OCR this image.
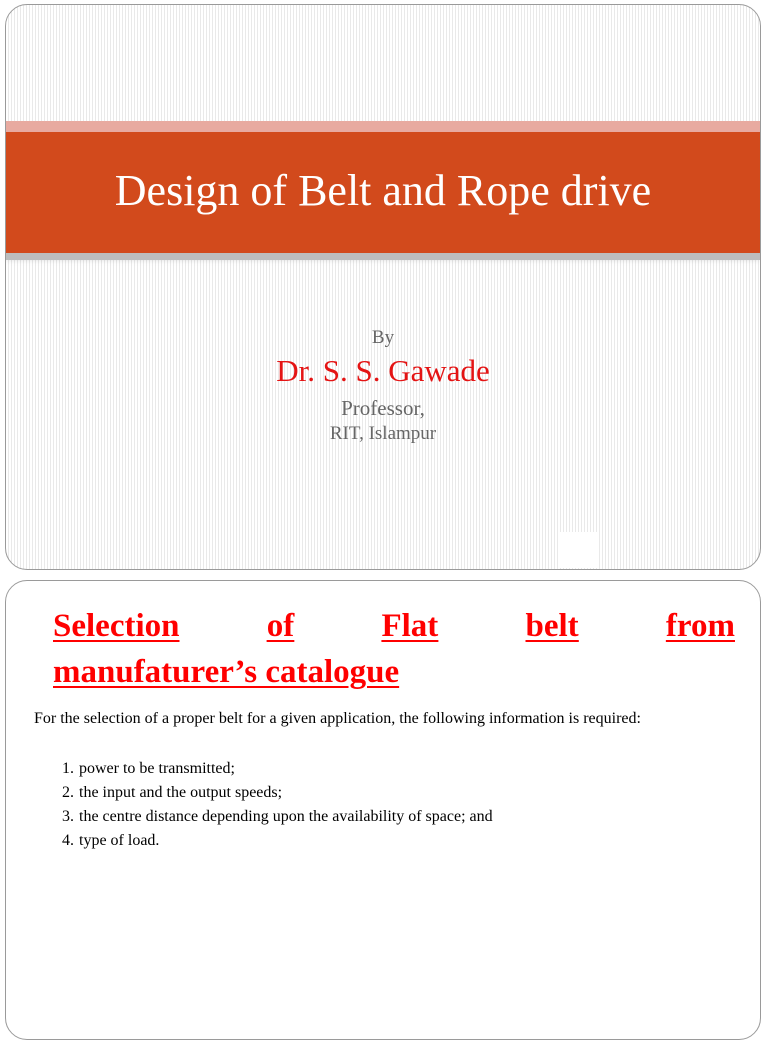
Design of Belt and Rope drive
By
Dr. S. S. Gawade
Professor,
RIT, Islampur
Selection	of	Flat	belt	from
manufaturer’s catalogue
For the selection of a proper belt for a given application, the following information is required:
1. power to be transmitted;
2. the input and the output speeds;
3. the centre distance depending upon the availability of space; and
4. type of load.
